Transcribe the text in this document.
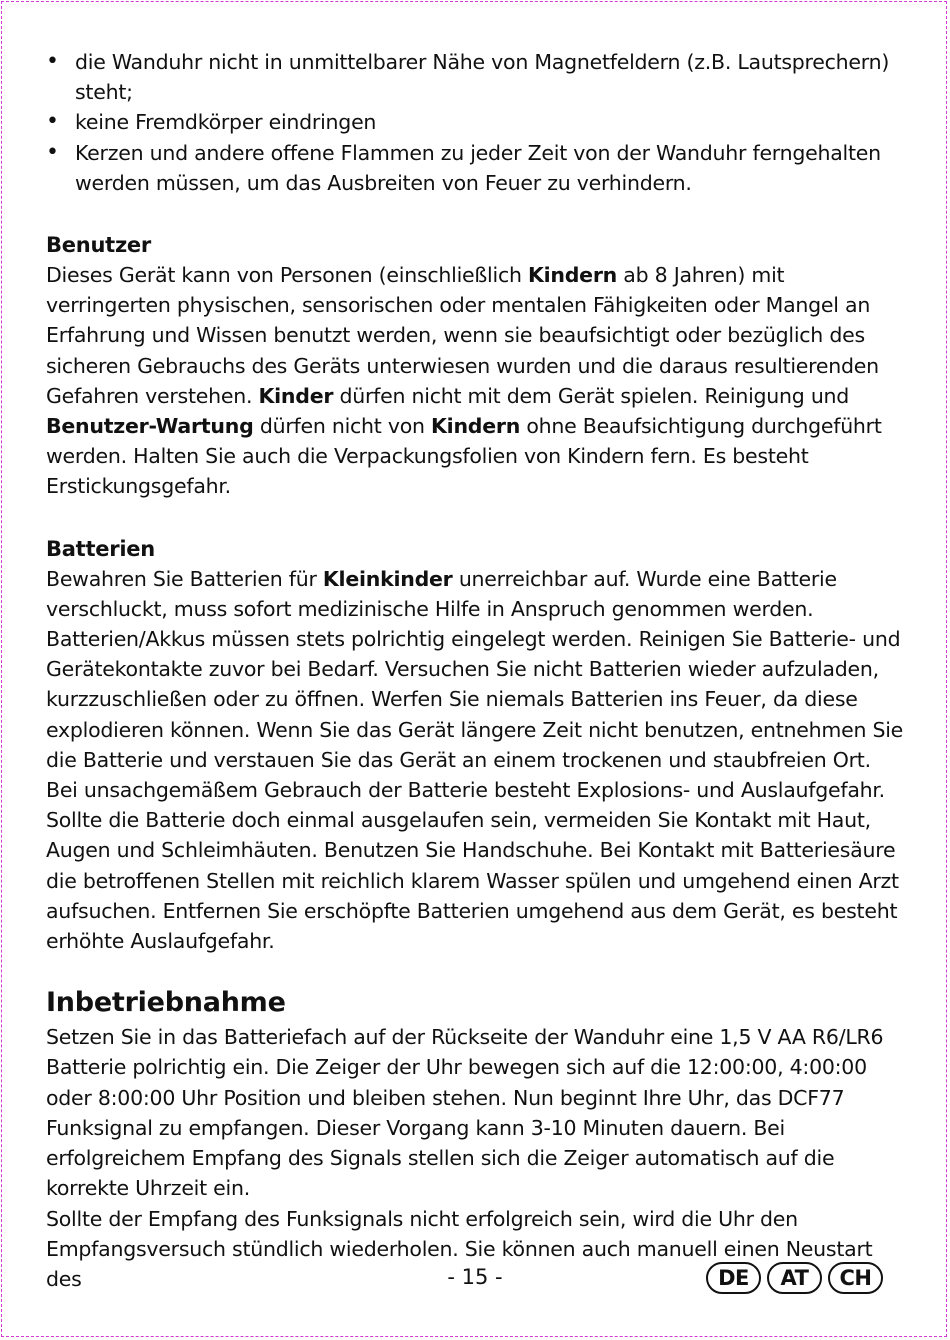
• die Wanduhr nicht in unmittelbarer Nähe von Magnetfeldern (z.B. Lautsprechern) steht;
• keine Fremdkörper eindringen
• Kerzen und andere offene Flammen zu jeder Zeit von der Wanduhr ferngehalten werden müssen, um das Ausbreiten von Feuer zu verhindern.
Benutzer

Dieses Gerät kann von Personen (einschließlich Kindern ab 8 Jahren) mit verringerten physischen, sensorischen oder mentalen Fähigkeiten oder Mangel an Erfahrung und Wissen benutzt werden, wenn sie beaufsichtigt oder bezüglich des sicheren Gebrauchs des Geräts unterwiesen wurden und die daraus resultierenden Gefahren verstehen. Kinder dürfen nicht mit dem Gerät spielen. Reinigung und Benutzer-Wartung dürfen nicht von Kindern ohne Beaufsichtigung durchgeführt werden. Halten Sie auch die Verpackungsfolien von Kindern fern. Es besteht Erstickungsgefahr.

Batterien

Bewahren Sie Batterien für Kleinkinder unerreichbar auf. Wurde eine Batterie verschluckt, muss sofort medizinische Hilfe in Anspruch genommen werden.

Batterien/Akkus müssen stets polrichtig eingelegt werden. Reinigen Sie Batterie- und Gerätekontakte zuvor bei Bedarf. Versuchen Sie nicht Batterien wieder aufzuladen, kurzzuschließen oder zu öffnen. Werfen Sie niemals Batterien ins Feuer, da diese explodieren können. Wenn Sie das Gerät längere Zeit nicht benutzen, entnehmen Sie die Batterie und verstauen Sie das Gerät an einem trockenen und staubfreien Ort. Bei unsachgemäßem Gebrauch der Batterie besteht Explosions- und Auslaufgefahr.

Sollte die Batterie doch einmal ausgelaufen sein, vermeiden Sie Kontakt mit Haut, Augen und Schleimhäuten. Benutzen Sie Handschuhe. Bei Kontakt mit Batteriesäure die betroffenen Stellen mit reichlich klarem Wasser spülen und umgehend einen Arzt aufsuchen. Entfernen Sie erschöpfte Batterien umgehend aus dem Gerät, es besteht erhöhte Auslaufgefahr.

Inbetriebnahme

Setzen Sie in das Batteriefach auf der Rückseite der Wanduhr eine 1,5 V AA R6/LR6 Batterie polrichtig ein. Die Zeiger der Uhr bewegen sich auf die 12:00:00, 4:00:00 oder 8:00:00 Uhr Position und bleiben stehen. Nun beginnt Ihre Uhr, das DCF77 Funksignal zu empfangen. Dieser Vorgang kann 3-10 Minuten dauern. Bei erfolgreichem Empfang des Signals stellen sich die Zeiger automatisch auf die korrekte Uhrzeit ein.

Sollte der Empfang des Funksignals nicht erfolgreich sein, wird die Uhr den Empfangsversuch stündlich wiederholen. Sie können auch manuell einen Neustart des	- 15 -	DE	AT	CH
